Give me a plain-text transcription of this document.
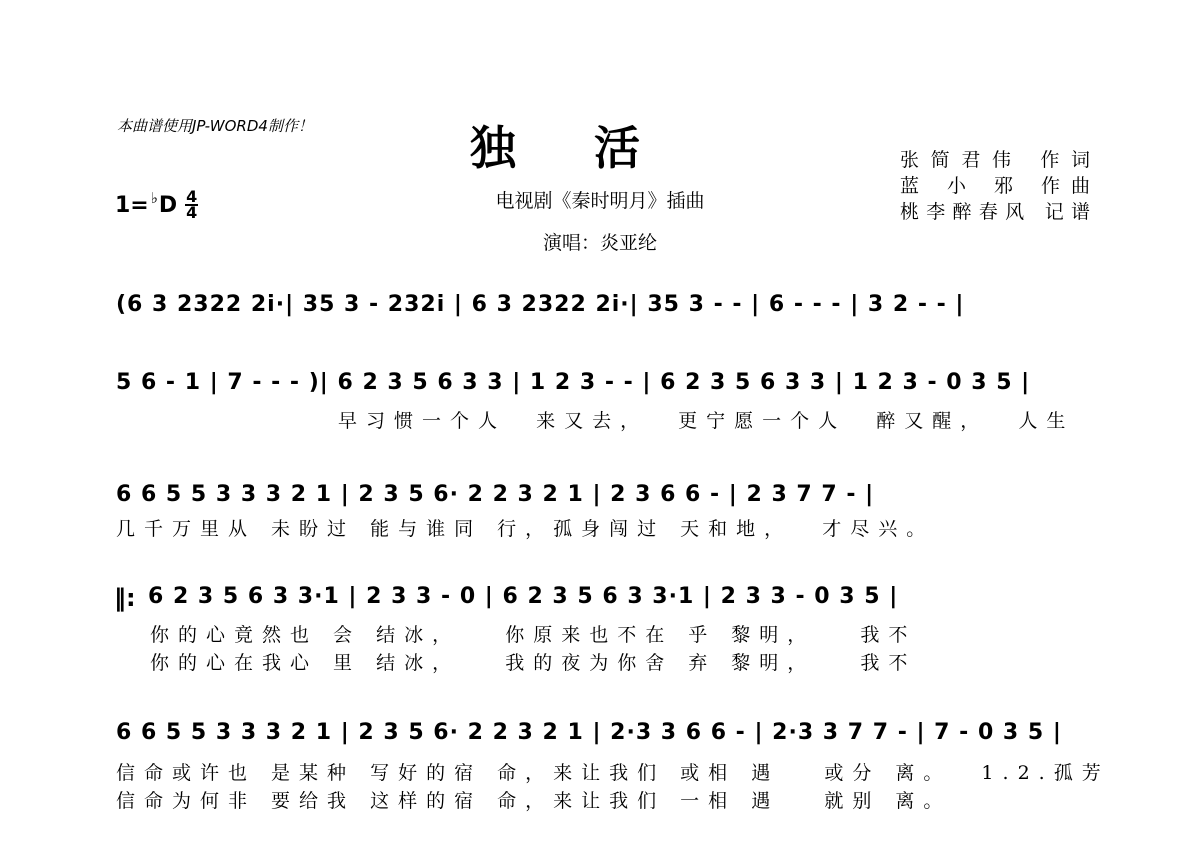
本曲谱使用JP-WORD4制作！	独活
电视剧《秦时明月》插曲
演唱：炎亚纶
张简君伟 作词
蓝 小 邪 作曲
桃李醉春风 记谱
1= ♭ D 4
4
(6 3 2322 2i·| 35 3 - 232i | 6 3 2322 2i·| 35 3 - - | 6 - - - | 3 2 - - |
5 6 - 1 | 7 - - - )| 6 2 3 5 6 3 3 | 1 2 3 - - | 6 2 3 5 6 3 3 | 1 2 3 - 0 3 5 |
早习惯一个人  来又去，  更宁愿一个人  醉又醒，  人生
6 6 5 5 3 3 3 2 1 | 2 3 5 6· 2 2 3 2 1 | 2 3 6 6 - | 2 3 7 7 - |
几千万里从 未盼过 能与谁同 行，孤身闯过 天和地，  才尽兴。
‖: 6 2 3 5 6 3 3·1 | 2 3 3 - 0 | 6 2 3 5 6 3 3·1 | 2 3 3 - 0 3 5 |
你的心竟然也 会 结冰，   你原来也不在 乎 黎明，   我不
你的心在我心 里 结冰，   我的夜为你舍 弃 黎明，   我不
6 6 5 5 3 3 3 2 1 | 2 3 5 6· 2 2 3 2 1 | 2·3 3 6 6 - | 2·3 3 7 7 - | 7 - 0 3 5 |
信命或许也 是某种 写好的宿 命，来让我们 或相 遇   或分 离。  1.2.孤芳
信命为何非 要给我 这样的宿 命，来让我们 一相 遇   就别 离。
